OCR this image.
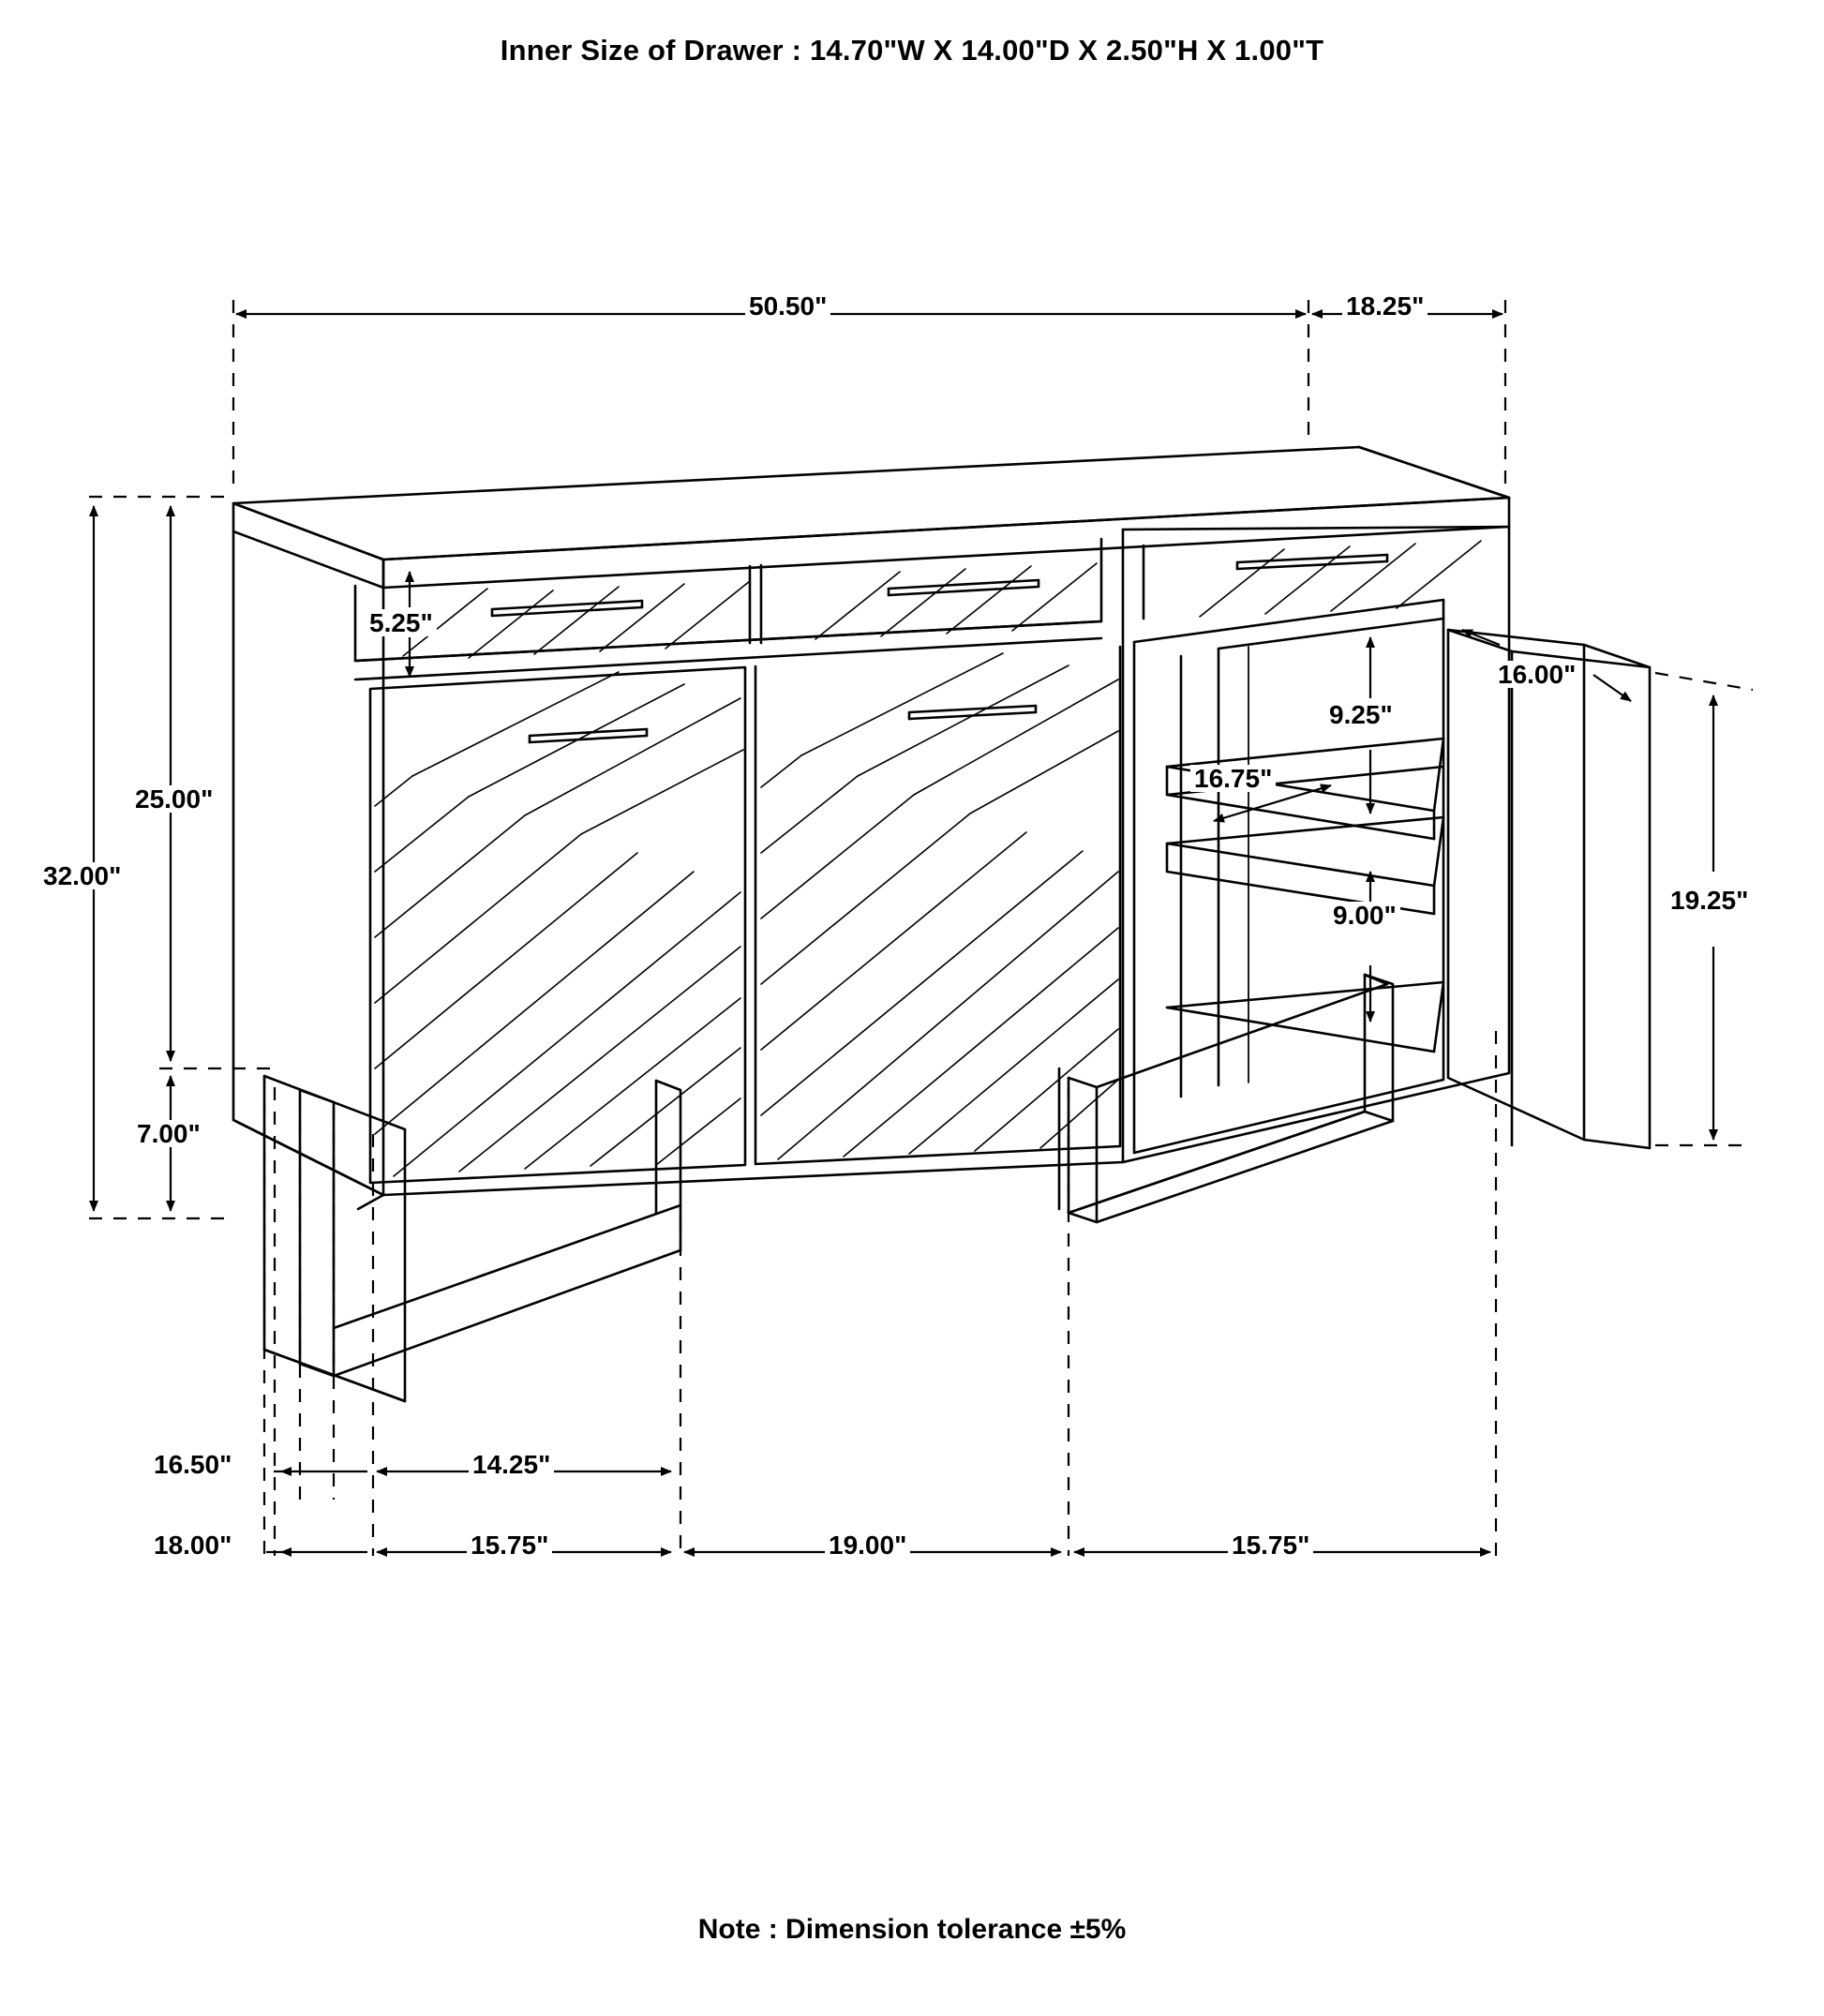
Inner Size of Drawer : 14.70"W X 14.00"D X 2.50"H X 1.00"T
50.50"	18.25"
5.25"
32.00"
25.00"
7.00"
16.00"
9.25"
16.75"
9.00"
19.25"
16.50"
18.00"
14.25"
15.75"	19.00"	15.75"
Note : Dimension tolerance ±5%
